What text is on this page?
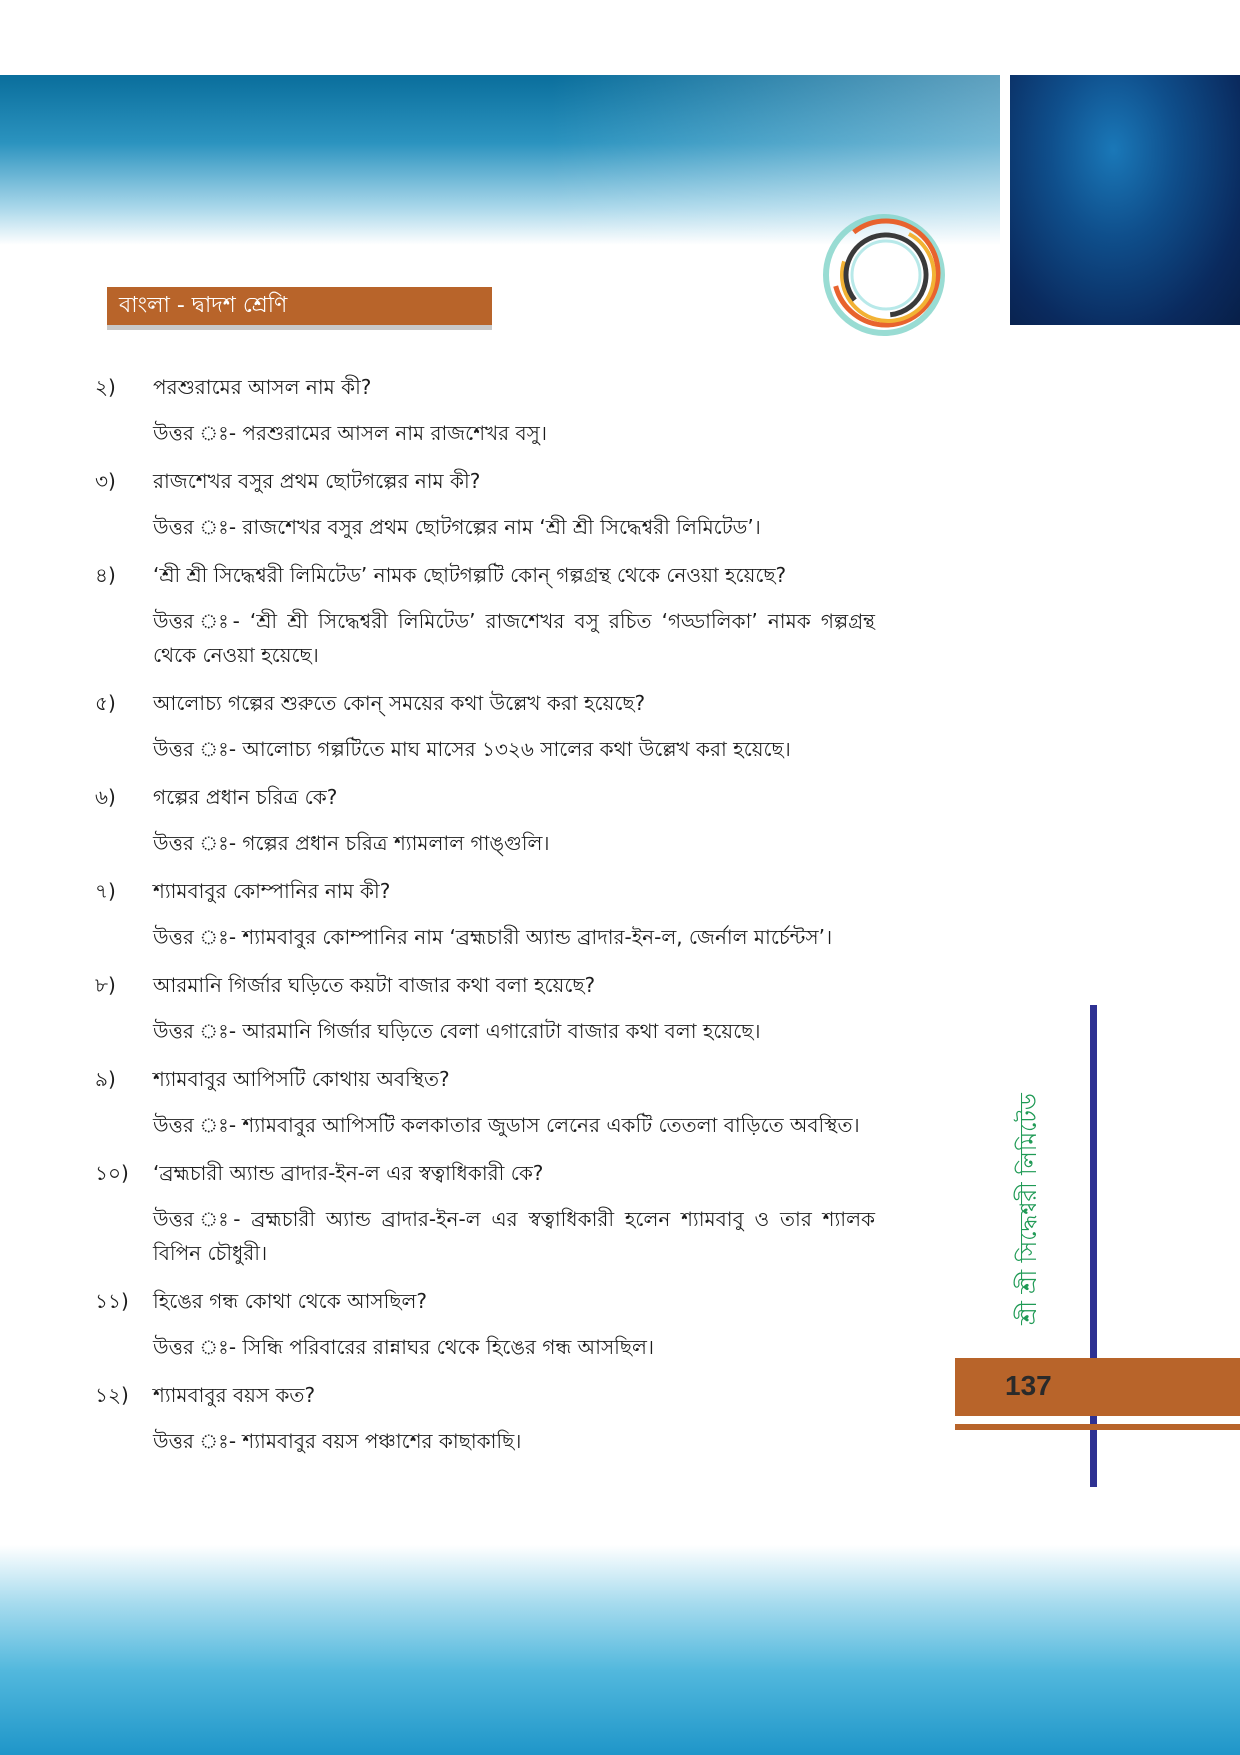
বাংলা - দ্বাদশ শ্রেণি
২)	পরশুরামের আসল নাম কী?
উত্তর ঃ- পরশুরামের আসল নাম রাজশেখর বসু।
৩)	রাজশেখর বসুর প্রথম ছোটগল্পের নাম কী?
উত্তর ঃ- রাজশেখর বসুর প্রথম ছোটগল্পের নাম ‘শ্রী শ্রী সিদ্ধেশ্বরী লিমিটেড’।
৪)	‘শ্রী শ্রী সিদ্ধেশ্বরী লিমিটেড’ নামক ছোটগল্পটি কোন্ গল্পগ্রন্থ থেকে নেওয়া হয়েছে?
উত্তর ঃ- ‘শ্রী শ্রী সিদ্ধেশ্বরী লিমিটেড’ রাজশেখর বসু রচিত ‘গড্ডালিকা’ নামক গল্পগ্রন্থ থেকে নেওয়া হয়েছে।
৫)	আলোচ্য গল্পের শুরুতে কোন্ সময়ের কথা উল্লেখ করা হয়েছে?
উত্তর ঃ- আলোচ্য গল্পটিতে মাঘ মাসের ১৩২৬ সালের কথা উল্লেখ করা হয়েছে।
৬)	গল্পের প্রধান চরিত্র কে?
উত্তর ঃ- গল্পের প্রধান চরিত্র শ্যামলাল গাঙ্গুলি।
৭)	শ্যামবাবুর কোম্পানির নাম কী?
উত্তর ঃ- শ্যামবাবুর কোম্পানির নাম ‘ব্রহ্মচারী অ্যান্ড ব্রাদার-ইন-ল, জের্নাল মার্চেন্টস’।
৮)	আরমানি গির্জার ঘড়িতে কয়টা বাজার কথা বলা হয়েছে?
উত্তর ঃ- আরমানি গির্জার ঘড়িতে বেলা এগারোটা বাজার কথা বলা হয়েছে।
৯)	শ্যামবাবুর আপিসটি কোথায় অবস্থিত?
উত্তর ঃ- শ্যামবাবুর আপিসটি কলকাতার জুডাস লেনের একটি তেতলা বাড়িতে অবস্থিত।
১০)	‘ব্রহ্মচারী অ্যান্ড ব্রাদার-ইন-ল এর স্বত্বাধিকারী কে?
উত্তর ঃ- ব্রহ্মচারী অ্যান্ড ব্রাদার-ইন-ল এর স্বত্বাধিকারী হলেন শ্যামবাবু ও তার শ্যালক বিপিন চৌধুরী।
১১)	হিঙের গন্ধ কোথা থেকে আসছিল?
উত্তর ঃ- সিন্ধি পরিবারের রান্নাঘর থেকে হিঙের গন্ধ আসছিল।
১২)	শ্যামবাবুর বয়স কত?
উত্তর ঃ- শ্যামবাবুর বয়স পঞ্চাশের কাছাকাছি।
শ্রী শ্রী সিদ্ধেশ্বরী লিমিটেড
137
